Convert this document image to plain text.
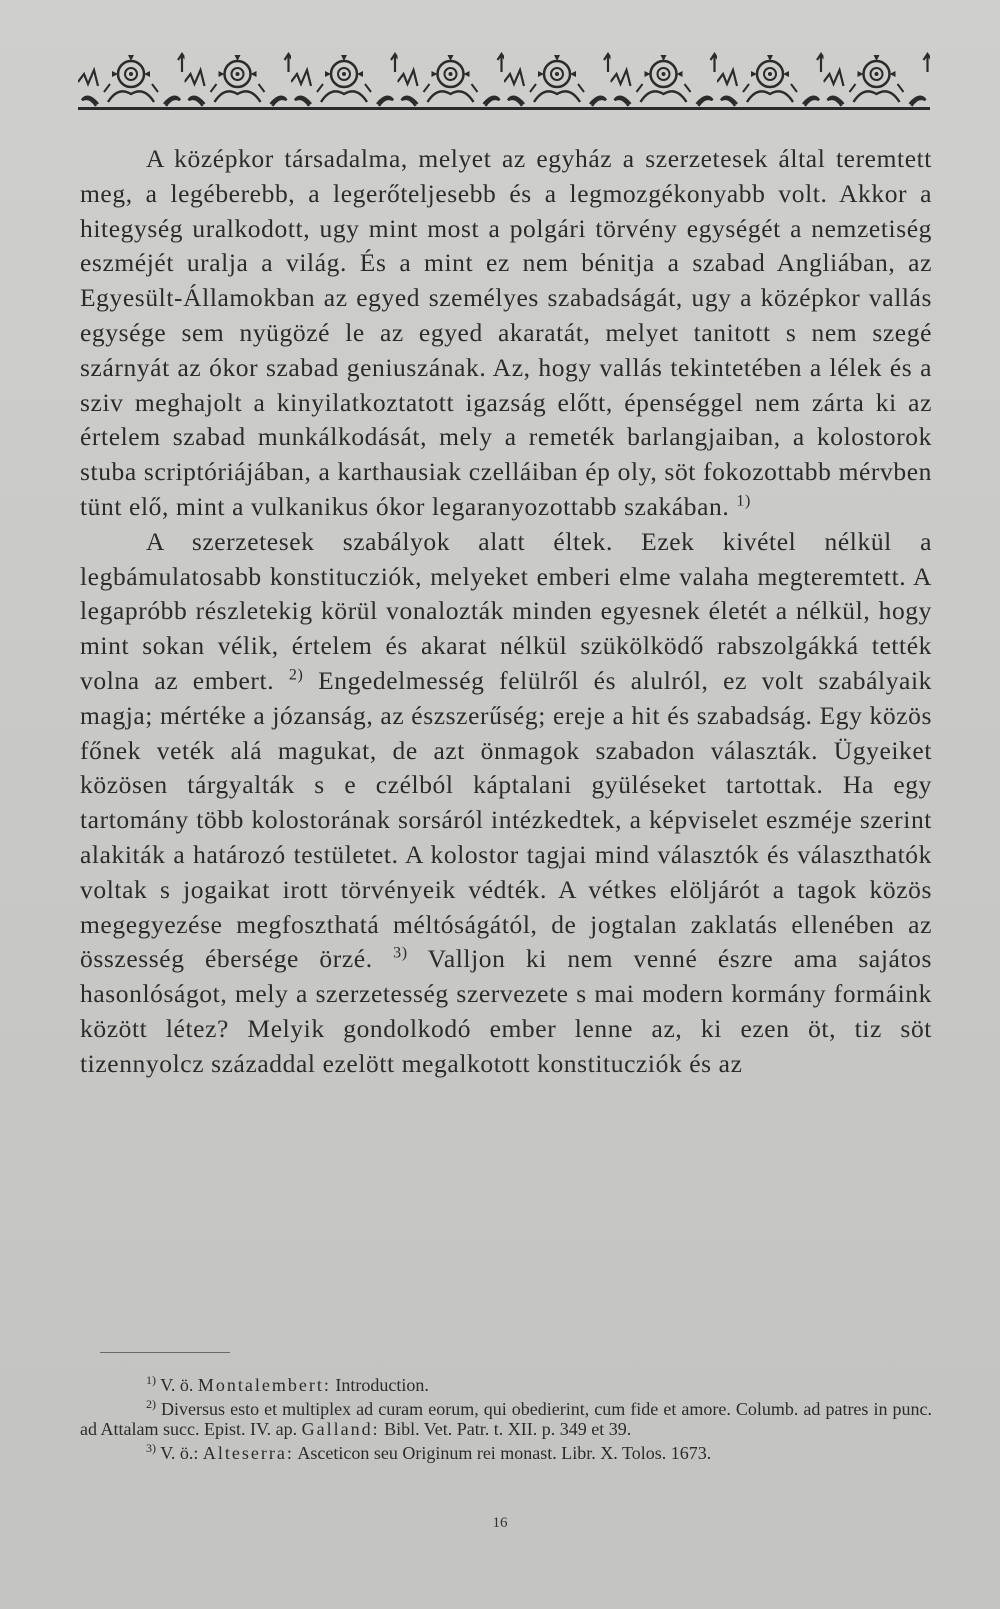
A középkor társadalma, melyet az egyház a szerzetesek által teremtett meg, a legéberebb, a legerőteljesebb és a legmozgékonyabb volt. Akkor a hitegység uralkodott, ugy mint most a polgári törvény egységét a nemzetiség eszméjét uralja a világ. És a mint ez nem bénitja a szabad Angliában, az Egyesült-Államokban az egyed személyes szabadságát, ugy a középkor vallás egysége sem nyügözé le az egyed akaratát, melyet tanitott s nem szegé szárnyát az ókor szabad geniuszának. Az, hogy vallás tekintetében a lélek és a sziv meghajolt a kinyilatkoztatott igazság előtt, épenséggel nem zárta ki az értelem szabad munkálkodását, mely a remeték barlangjaiban, a kolostorok stuba scriptóriájában, a karthausiak czelláiban ép oly, söt fokozottabb mérvben tünt elő, mint a vulkanikus ókor legaranyozottabb szakában. $^{1)}$

A szerzetesek szabályok alatt éltek. Ezek kivétel nélkül a legbámulatosabb konstitucziók, melyeket emberi elme valaha megteremtett. A legapróbb részletekig körül vonalozták minden egyesnek életét a nélkül, hogy mint sokan vélik, értelem és akarat nélkül szükölködő rabszolgákká tették volna az embert. $^{2)}$ Engedelmesség felülről és alulról, ez volt szabályaik magja; mértéke a józanság, az észszerűség; ereje a hit és szabadság. Egy közös főnek veték alá magukat, de azt önmagok szabadon választák. Ügyeiket közösen tárgyalták s e czélból káptalani gyüléseket tartottak. Ha egy tartomány több kolostorának sorsáról intézkedtek, a képviselet eszméje szerint alakiták a határozó testületet. A kolostor tagjai mind választók és választhatók voltak s jogaikat irott törvényeik védték. A vétkes elöljárót a tagok közös megegyezése megfoszthatá méltóságától, de jogtalan zaklatás ellenében az összesség ébersége örzé. $^{3)}$ Valljon ki nem venné észre ama sajátos hasonlóságot, mely a szerzetesség szervezete s mai modern kormány formáink között létez? Melyik gondolkodó ember lenne az, ki ezen öt, tiz söt tizennyolcz századdal ezelött megalkotott konstitucziók és az

$^{1)}$ V. ö. Montalembert: Introduction.

$^{2)}$ Diversus esto et multiplex ad curam eorum, qui obedierint, cum fide et amore. Columb. ad patres in punc. ad Attalam succ. Epist. IV. ap. Galland: Bibl. Vet. Patr. t. XII. p. 349 et 39.

$^{3)}$ V. ö.: Alteserra: Asceticon seu Originum rei monast. Libr. X. Tolos. 1673.

16
